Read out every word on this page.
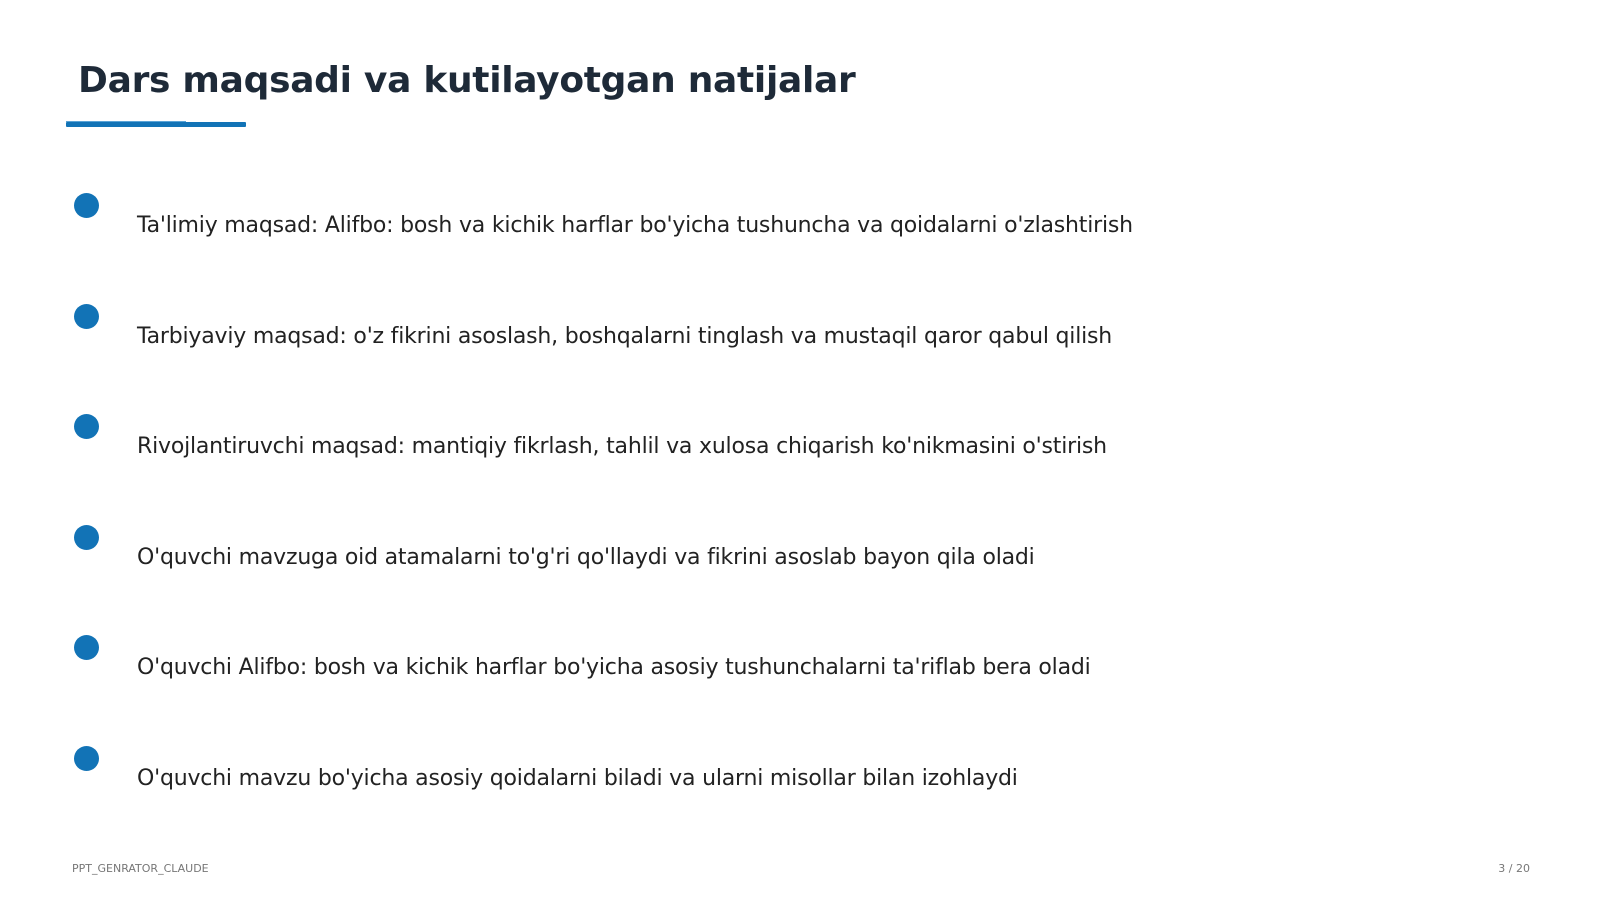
Dars maqsadi va kutilayotgan natijalar
Ta'limiy maqsad: Alifbo: bosh va kichik harflar bo'yicha tushuncha va qoidalarni o'zlashtirish
Tarbiyaviy maqsad: o'z fikrini asoslash, boshqalarni tinglash va mustaqil qaror qabul qilish
Rivojlantiruvchi maqsad: mantiqiy fikrlash, tahlil va xulosa chiqarish ko'nikmasini o'stirish
O'quvchi mavzuga oid atamalarni to'g'ri qo'llaydi va fikrini asoslab bayon qila oladi
O'quvchi Alifbo: bosh va kichik harflar bo'yicha asosiy tushunchalarni ta'riflab bera oladi
O'quvchi mavzu bo'yicha asosiy qoidalarni biladi va ularni misollar bilan izohlaydi
PPT_GENRATOR_CLAUDE	3 / 20
